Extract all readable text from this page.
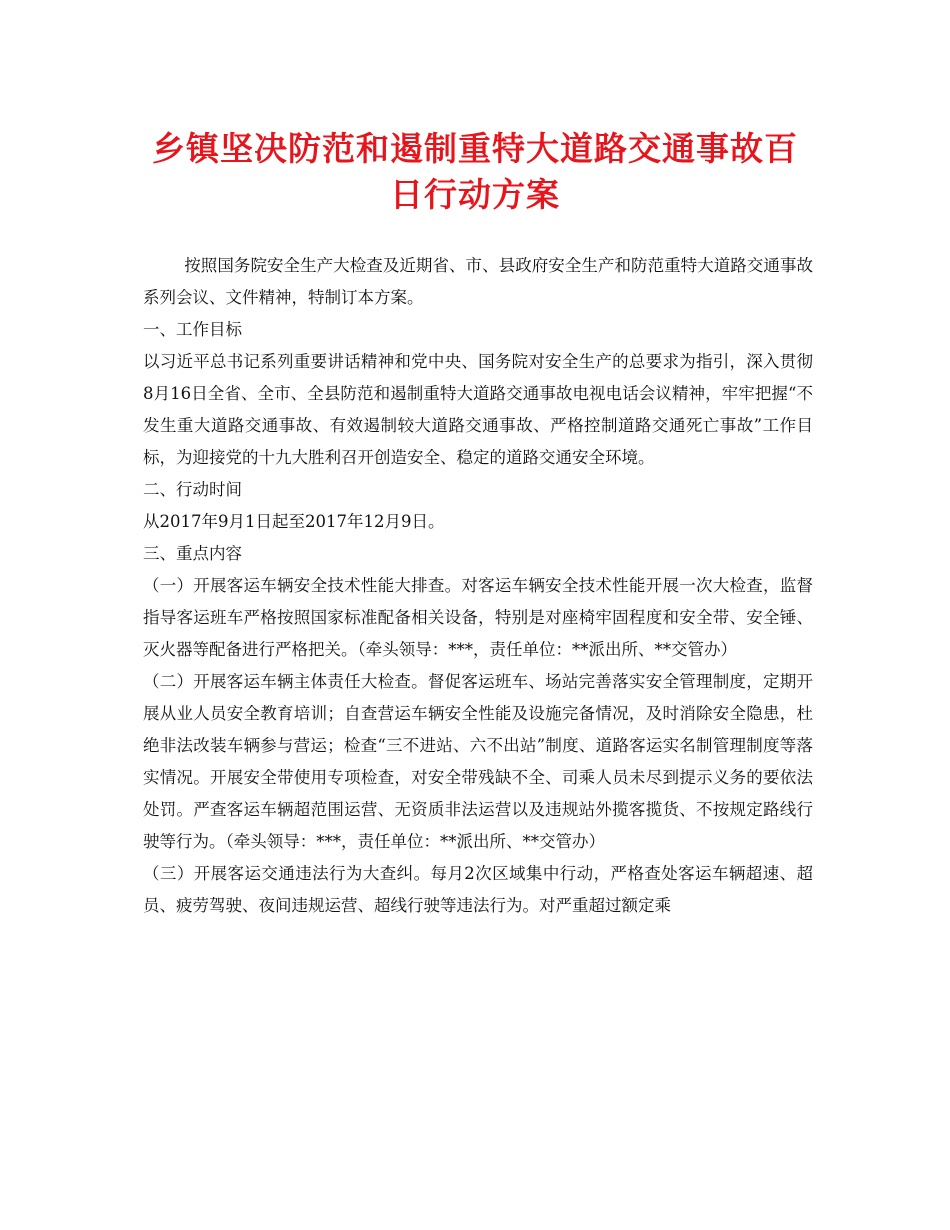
乡镇坚决防范和遏制重特大道路交通事故百
日行动方案

按照国务院安全生产大检查及近期省、市、县政府安全生产和防范重特大道路交通事故系列会议、文件精神，特制订本方案。

一、工作目标

以习近平总书记系列重要讲话精神和党中央、国务院对安全生产的总要求为指引，深入贯彻8月16日全省、全市、全县防范和遏制重特大道路交通事故电视电话会议精神，牢牢把握“不发生重大道路交通事故、有效遏制较大道路交通事故、严格控制道路交通死亡事故”工作目标，为迎接党的十九大胜利召开创造安全、稳定的道路交通安全环境。

二、行动时间

从2017年9月1日起至2017年12月9日。

三、重点内容

（一）开展客运车辆安全技术性能大排查。对客运车辆安全技术性能开展一次大检查，监督指导客运班车严格按照国家标准配备相关设备，特别是对座椅牢固程度和安全带、安全锤、灭火器等配备进行严格把关。（牵头领导：***，责任单位：**派出所、**交管办）

（二）开展客运车辆主体责任大检查。督促客运班车、场站完善落实安全管理制度，定期开展从业人员安全教育培训；自查营运车辆安全性能及设施完备情况，及时消除安全隐患，杜绝非法改装车辆参与营运；检查“三不进站、六不出站”制度、道路客运实名制管理制度等落实情况。开展安全带使用专项检查，对安全带残缺不全、司乘人员未尽到提示义务的要依法处罚。严查客运车辆超范围运营、无资质非法运营以及违规站外揽客揽货、不按规定路线行驶等行为。（牵头领导：***，责任单位：**派出所、**交管办）

（三）开展客运交通违法行为大查纠。每月2次区域集中行动，严格查处客运车辆超速、超员、疲劳驾驶、夜间违规运营、超线行驶等违法行为。对严重超过额定乘
